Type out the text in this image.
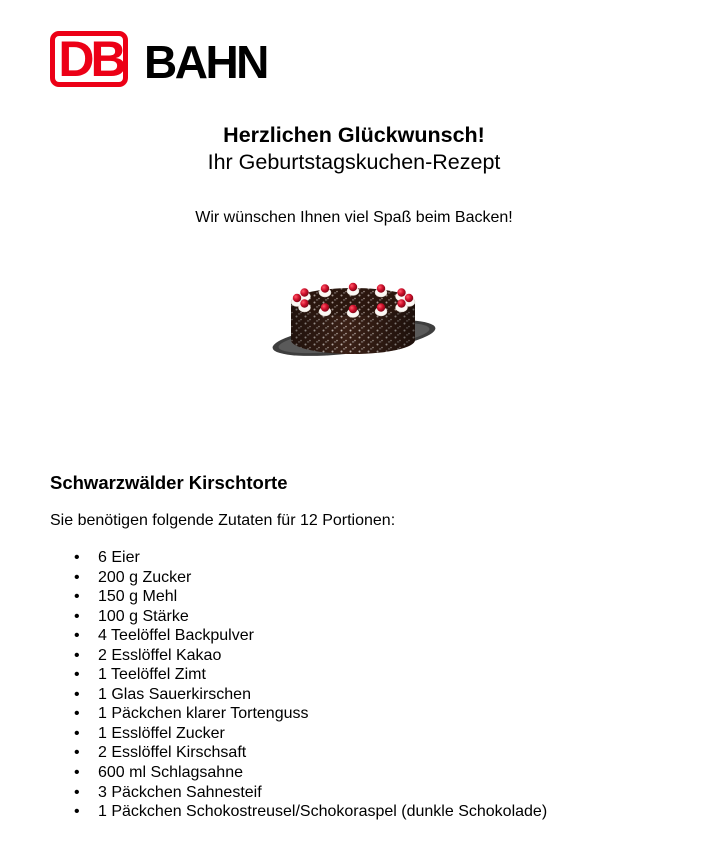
DB BAHN
Herzlichen Glückwunsch!
Ihr Geburtstagskuchen-Rezept
Wir wünschen Ihnen viel Spaß beim Backen!
Schwarzwälder Kirschtorte
Sie benötigen folgende Zutaten für 12 Portionen:
• 6 Eier
• 200 g Zucker
• 150 g Mehl
• 100 g Stärke
• 4 Teelöffel Backpulver
• 2 Esslöffel Kakao
• 1 Teelöffel Zimt
• 1 Glas Sauerkirschen
• 1 Päckchen klarer Tortenguss
• 1 Esslöffel Zucker
• 2 Esslöffel Kirschsaft
• 600 ml Schlagsahne
• 3 Päckchen Sahnesteif
• 1 Päckchen Schokostreusel/Schokoraspel (dunkle Schokolade)
